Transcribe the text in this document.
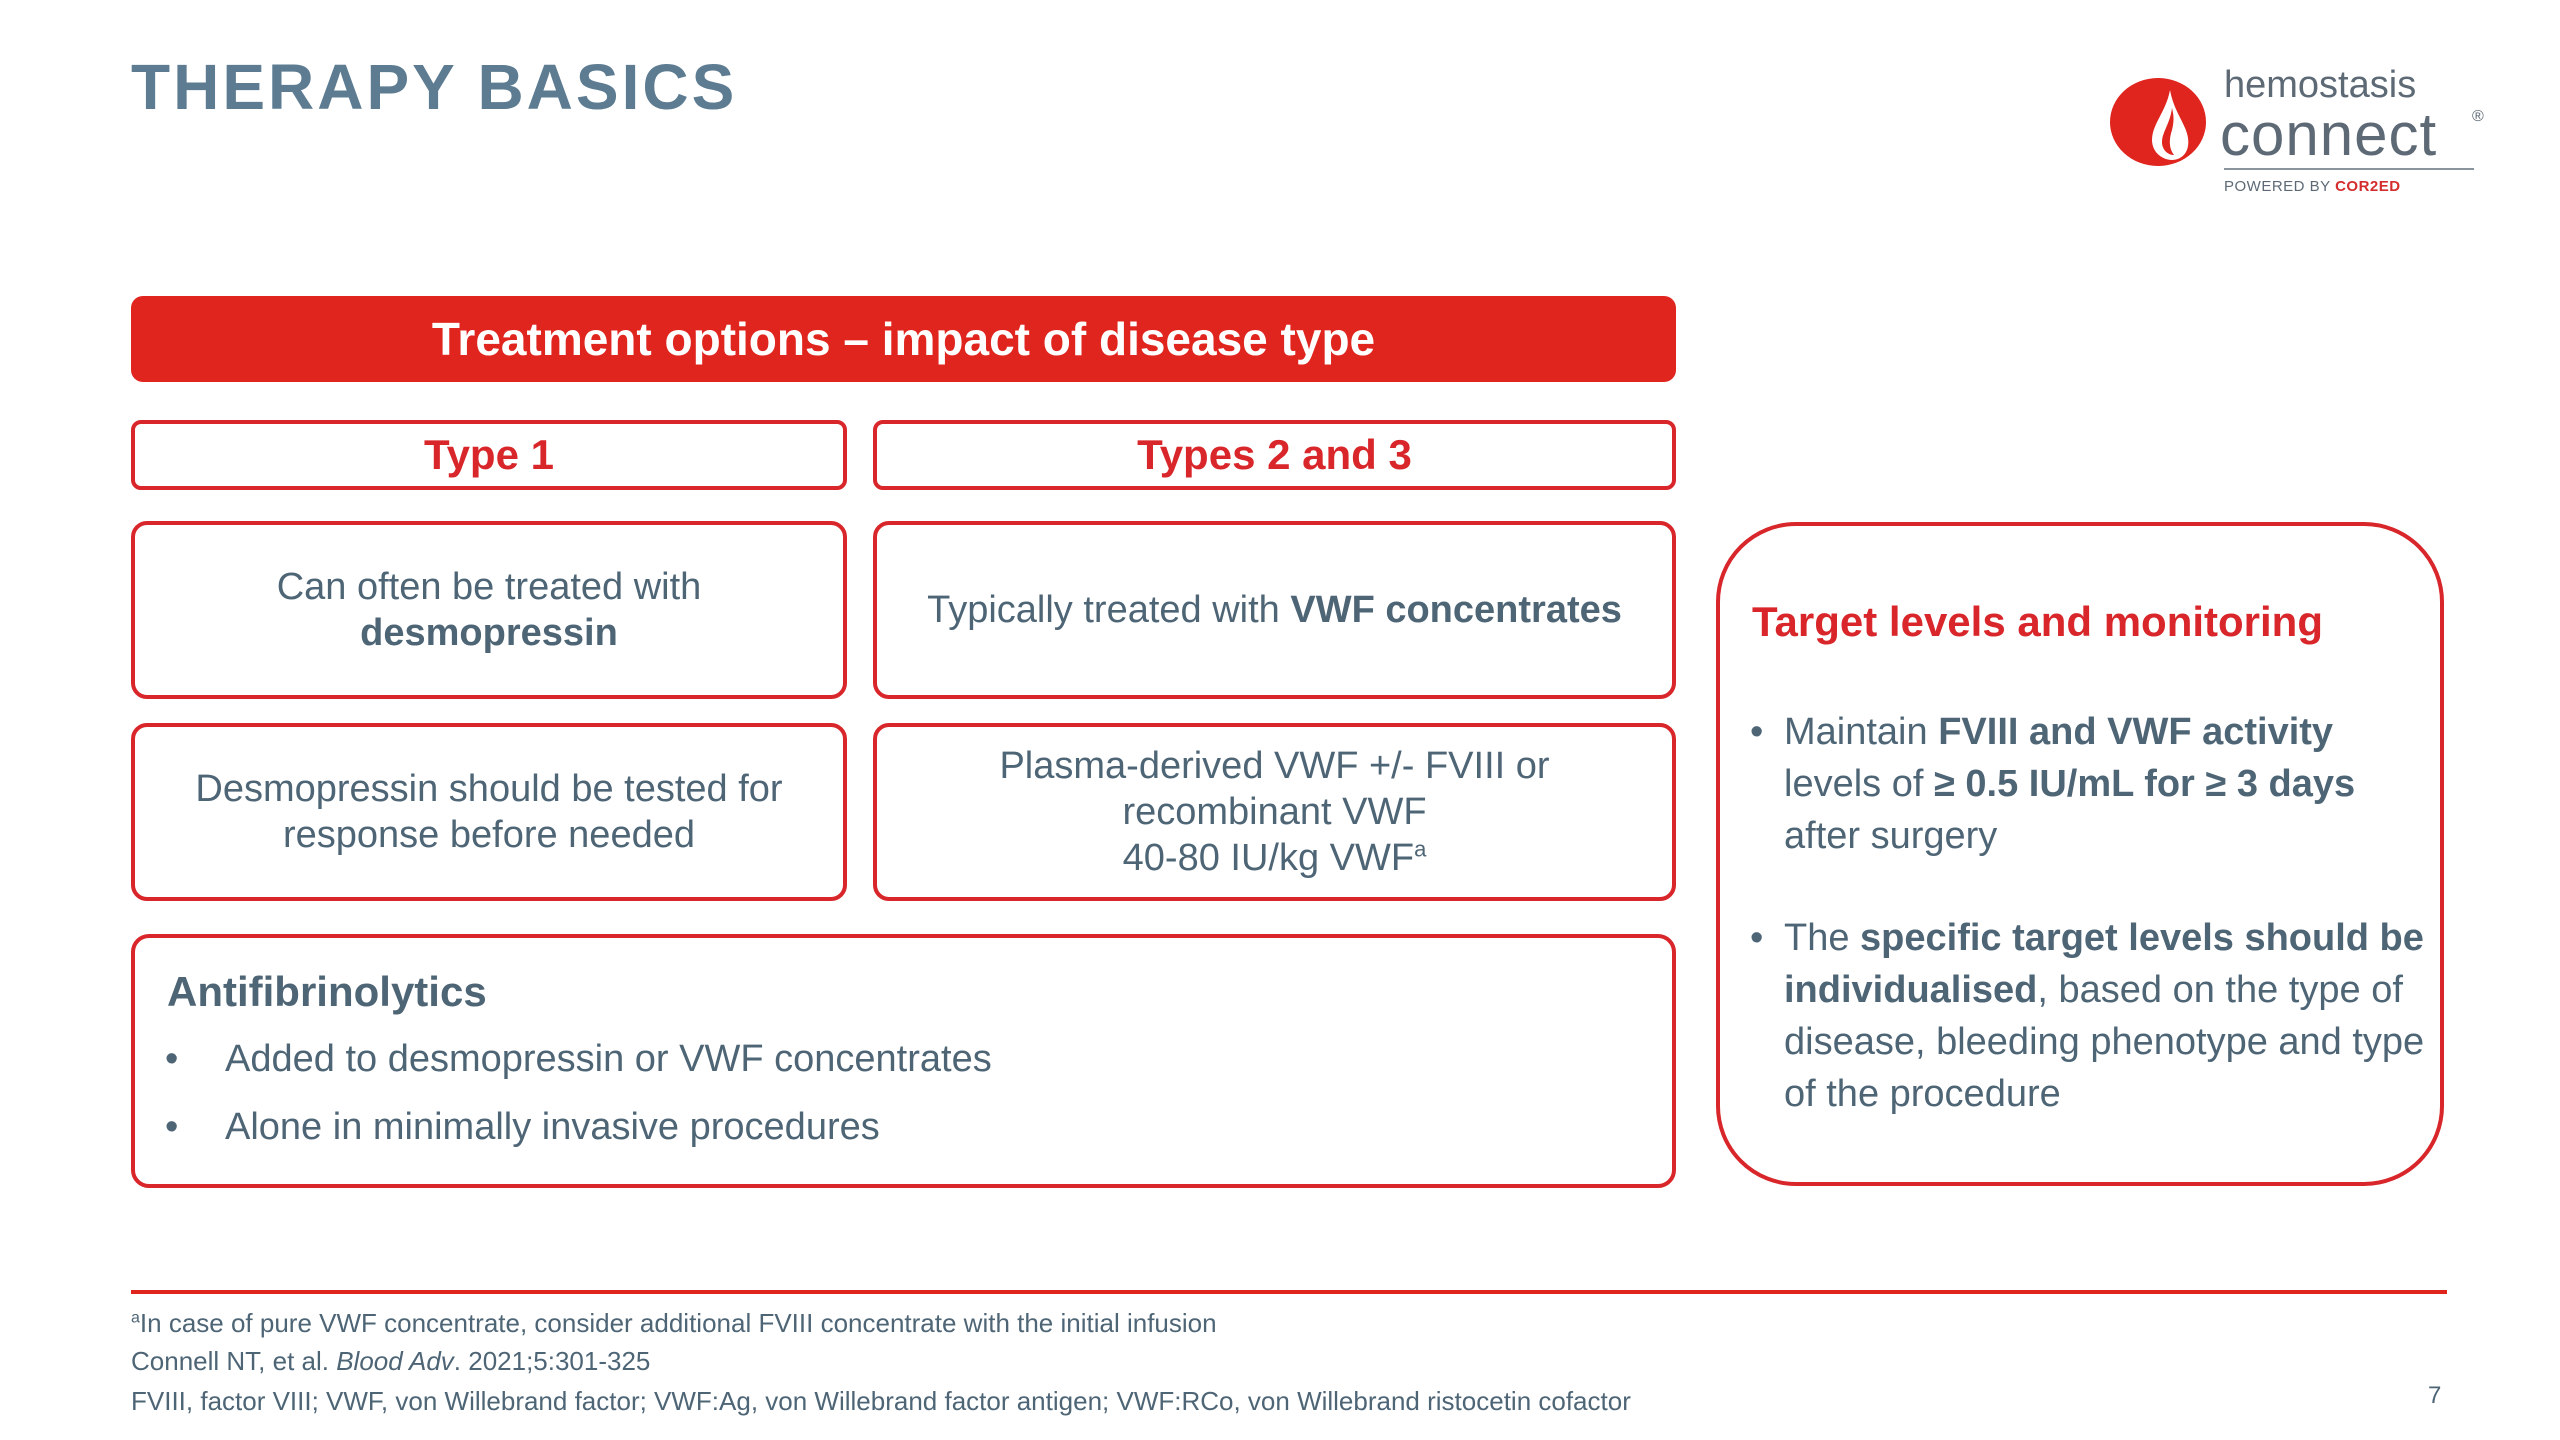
THERAPY BASICS	hemostasis
connect ®
POWERED BY COR2ED
Treatment options – impact of disease type
Type 1	Types 2 and 3
Can often be treated with
desmopressin
Typically treated with VWF concentrates
Desmopressin should be tested for
response before needed
Plasma-derived VWF +/- FVIII or
recombinant VWF
40-80 IU/kg VWF$^a$
Antifibrinolytics
• Added to desmopressin or VWF concentrates
• Alone in minimally invasive procedures
Target levels and monitoring
• Maintain FVIII and VWF activity levels of ≥ 0.5 IU/mL for ≥ 3 days after surgery
• The specific target levels should be individualised, based on the type of disease, bleeding phenotype and type of the procedure
$^a$In case of pure VWF concentrate, consider additional FVIII concentrate with the initial infusion
Connell NT, et al. Blood Adv. 2021;5:301-325
FVIII, factor VIII; VWF, von Willebrand factor; VWF:Ag, von Willebrand factor antigen; VWF:RCo, von Willebrand ristocetin cofactor	7
